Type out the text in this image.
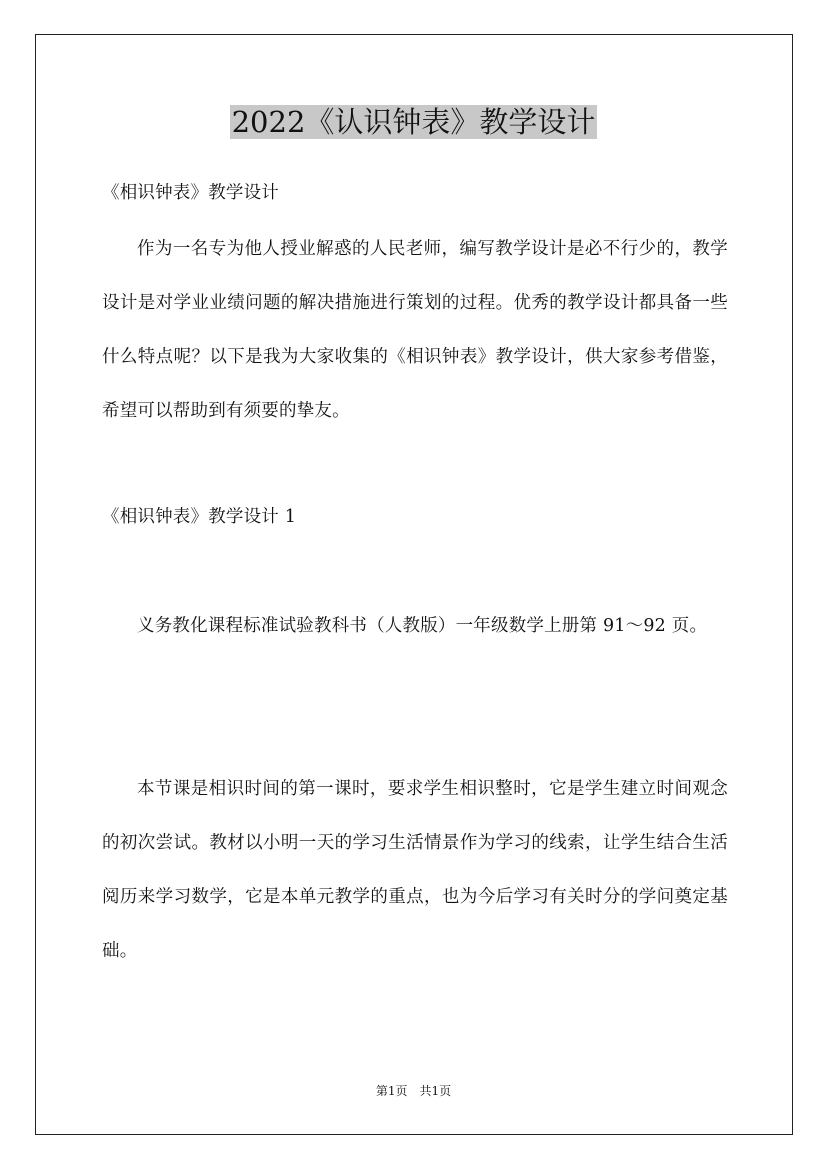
2022《认识钟表》教学设计

《相识钟表》教学设计

作为一名专为他人授业解惑的人民老师，编写教学设计是必不行少的，教学设计是对学业业绩问题的解决措施进行策划的过程。优秀的教学设计都具备一些什么特点呢？以下是我为大家收集的《相识钟表》教学设计，供大家参考借鉴，希望可以帮助到有须要的挚友。

《相识钟表》教学设计 1

义务教化课程标准试验教科书（人教版）一年级数学上册第 91～92 页。

本节课是相识时间的第一课时，要求学生相识整时，它是学生建立时间观念的初次尝试。教材以小明一天的学习生活情景作为学习的线索，让学生结合生活阅历来学习数学，它是本单元教学的重点，也为今后学习有关时分的学问奠定基础。

第1页　共1页
